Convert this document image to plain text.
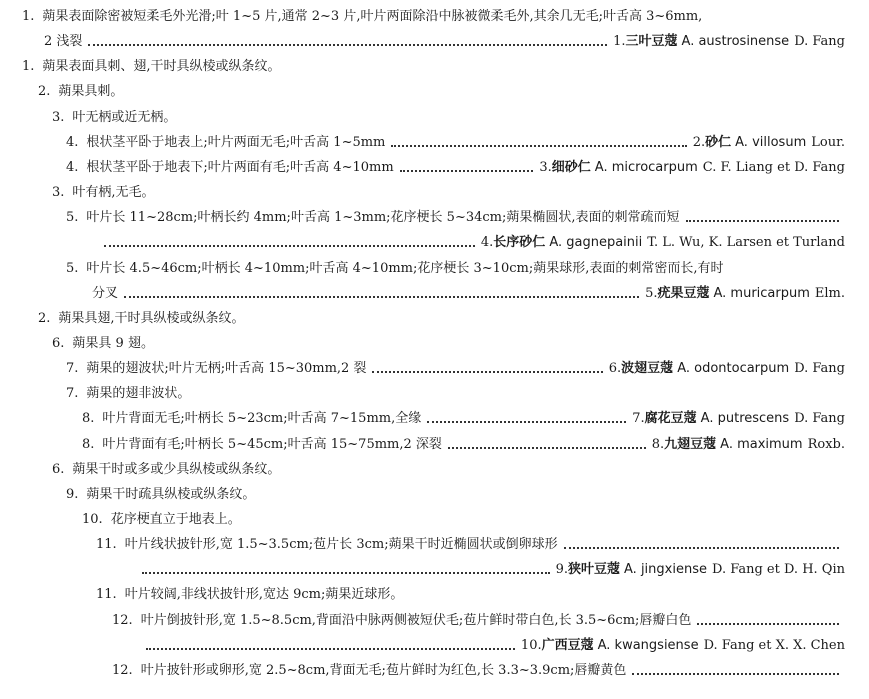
1. 蒴果表面除密被短柔毛外光滑;叶 1~5 片,通常 2~3 片,叶片两面除沿中脉被微柔毛外,其余几无毛;叶舌高 3~6mm,
2 浅裂	1.三叶豆蔻 A. austrosinense D. Fang
1. 蒴果表面具刺、翅,干时具纵棱或纵条纹。
2. 蒴果具刺。
3. 叶无柄或近无柄。
4. 根状茎平卧于地表上;叶片两面无毛;叶舌高 1~5mm	2.砂仁 A. villosum Lour.
4. 根状茎平卧于地表下;叶片两面有毛;叶舌高 4~10mm	3.细砂仁 A. microcarpum C. F. Liang et D. Fang
3. 叶有柄,无毛。
5. 叶片长 11~28cm;叶柄长约 4mm;叶舌高 1~3mm;花序梗长 5~34cm;蒴果椭圆状,表面的刺常疏而短
4.长序砂仁 A. gagnepainii T. L. Wu, K. Larsen et Turland
5. 叶片长 4.5~46cm;叶柄长 4~10mm;叶舌高 4~10mm;花序梗长 3~10cm;蒴果球形,表面的刺常密而长,有时
分叉	5.疣果豆蔻 A. muricarpum Elm.
2. 蒴果具翅,干时具纵棱或纵条纹。
6. 蒴果具 9 翅。
7. 蒴果的翅波状;叶片无柄;叶舌高 15~30mm,2 裂	6.波翅豆蔻 A. odontocarpum D. Fang
7. 蒴果的翅非波状。
8. 叶片背面无毛;叶柄长 5~23cm;叶舌高 7~15mm,全缘	7.腐花豆蔻 A. putrescens D. Fang
8. 叶片背面有毛;叶柄长 5~45cm;叶舌高 15~75mm,2 深裂	8.九翅豆蔻 A. maximum Roxb.
6. 蒴果干时或多或少具纵棱或纵条纹。
9. 蒴果干时疏具纵棱或纵条纹。
10. 花序梗直立于地表上。
11. 叶片线状披针形,宽 1.5~3.5cm;苞片长 3cm;蒴果干时近椭圆状或倒卵球形
9.狭叶豆蔻 A. jingxiense D. Fang et D. H. Qin
11. 叶片较阔,非线状披针形,宽达 9cm;蒴果近球形。
12. 叶片倒披针形,宽 1.5~8.5cm,背面沿中脉两侧被短伏毛;苞片鲜时带白色,长 3.5~6cm;唇瓣白色
10.广西豆蔻 A. kwangsiense D. Fang et X. X. Chen
12. 叶片披针形或卵形,宽 2.5~8cm,背面无毛;苞片鲜时为红色,长 3.3~3.9cm;唇瓣黄色
